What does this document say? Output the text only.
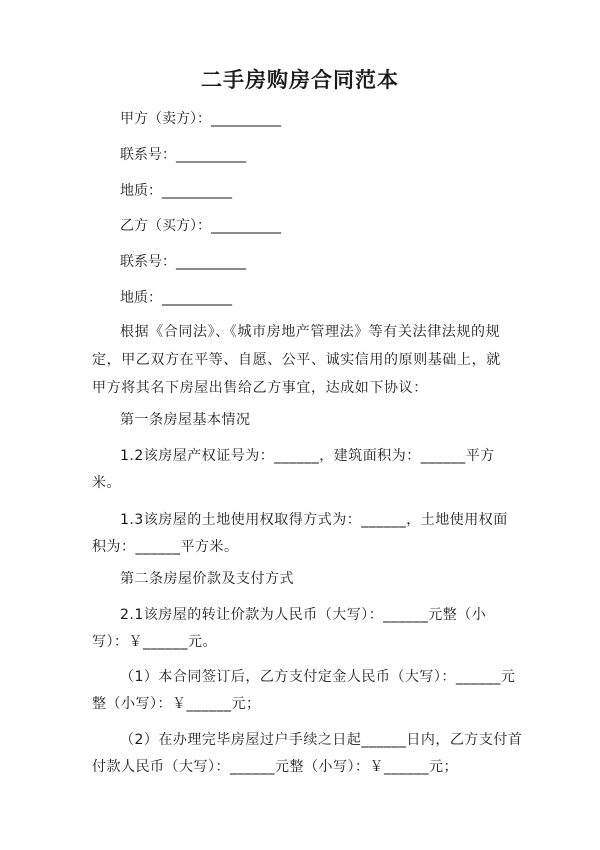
二手房购房合同范本
甲方（卖方）：__________
联系号：__________
地质：__________
乙方（买方）：__________
联系号：__________
地质：__________
根据《合同法》、《城市房地产管理法》等有关法律法规的规定，甲乙双方在平等、自愿、公平、诚实信用的原则基础上，就甲方将其名下房屋出售给乙方事宜，达成如下协议：
第一条房屋基本情况
1.2该房屋产权证号为：______，建筑面积为：______平方
米。
1.3该房屋的土地使用权取得方式为：______，土地使用权面
积为：______平方米。
第二条房屋价款及支付方式
2.1该房屋的转让价款为人民币（大写）：______元整（小
写）：￥______元。
（1）本合同签订后，乙方支付定金人民币（大写）：______元
整（小写）：￥______元；
（2）在办理完毕房屋过户手续之日起______日内，乙方支付首
付款人民币（大写）：______元整（小写）：￥______元；
